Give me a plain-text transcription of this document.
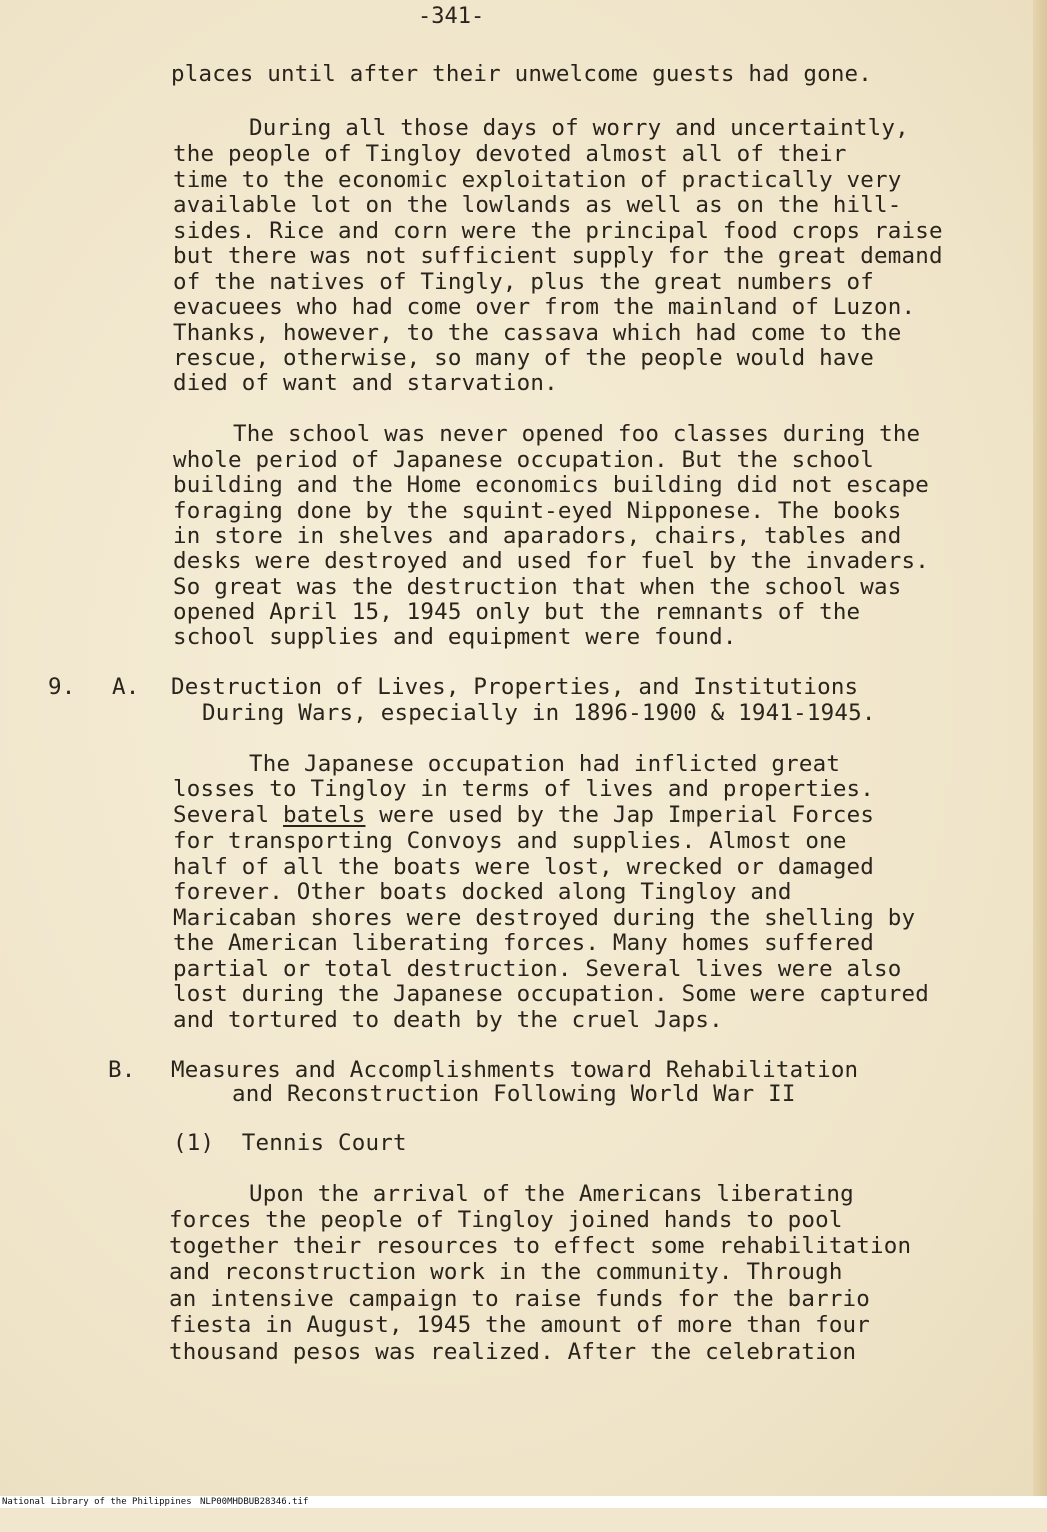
-341-
places until after their unwelcome guests had gone.
During all those days of worry and uncertaintly,
the people of Tingloy devoted almost all of their
time to the economic exploitation of practically very
available lot on the lowlands as well as on the hill-
sides. Rice and corn were the principal food crops raise
but there was not sufficient supply for the great demand
of the natives of Tingly, plus the great numbers of
evacuees who had come over from the mainland of Luzon.
Thanks, however, to the cassava which had come to the
rescue, otherwise, so many of the people would have
died of want and starvation.
The school was never opened foo classes during the
whole period of Japanese occupation. But the school
building and the Home economics building did not escape
foraging done by the squint-eyed Nipponese. The books
in store in shelves and aparadors, chairs, tables and
desks were destroyed and used for fuel by the invaders.
So great was the destruction that when the school was
opened April 15, 1945 only but the remnants of the
school supplies and equipment were found.
9. A. Destruction of Lives, Properties, and Institutions
During Wars, especially in 1896-1900 & 1941-1945.
The Japanese occupation had inflicted great
losses to Tingloy in terms of lives and properties.
Several batels were used by the Jap Imperial Forces
for transporting Convoys and supplies. Almost one
half of all the boats were lost, wrecked or damaged
forever. Other boats docked along Tingloy and
Maricaban shores were destroyed during the shelling by
the American liberating forces. Many homes suffered
partial or total destruction. Several lives were also
lost during the Japanese occupation. Some were captured
and tortured to death by the cruel Japs.
B. Measures and Accomplishments toward Rehabilitation
and Reconstruction Following World War II
(1)  Tennis Court
Upon the arrival of the Americans liberating
forces the people of Tingloy joined hands to pool
together their resources to effect some rehabilitation
and reconstruction work in the community. Through
an intensive campaign to raise funds for the barrio
fiesta in August, 1945 the amount of more than four
thousand pesos was realized. After the celebration

National Library of the Philippines

NLP00MHDBUB28346.tif
